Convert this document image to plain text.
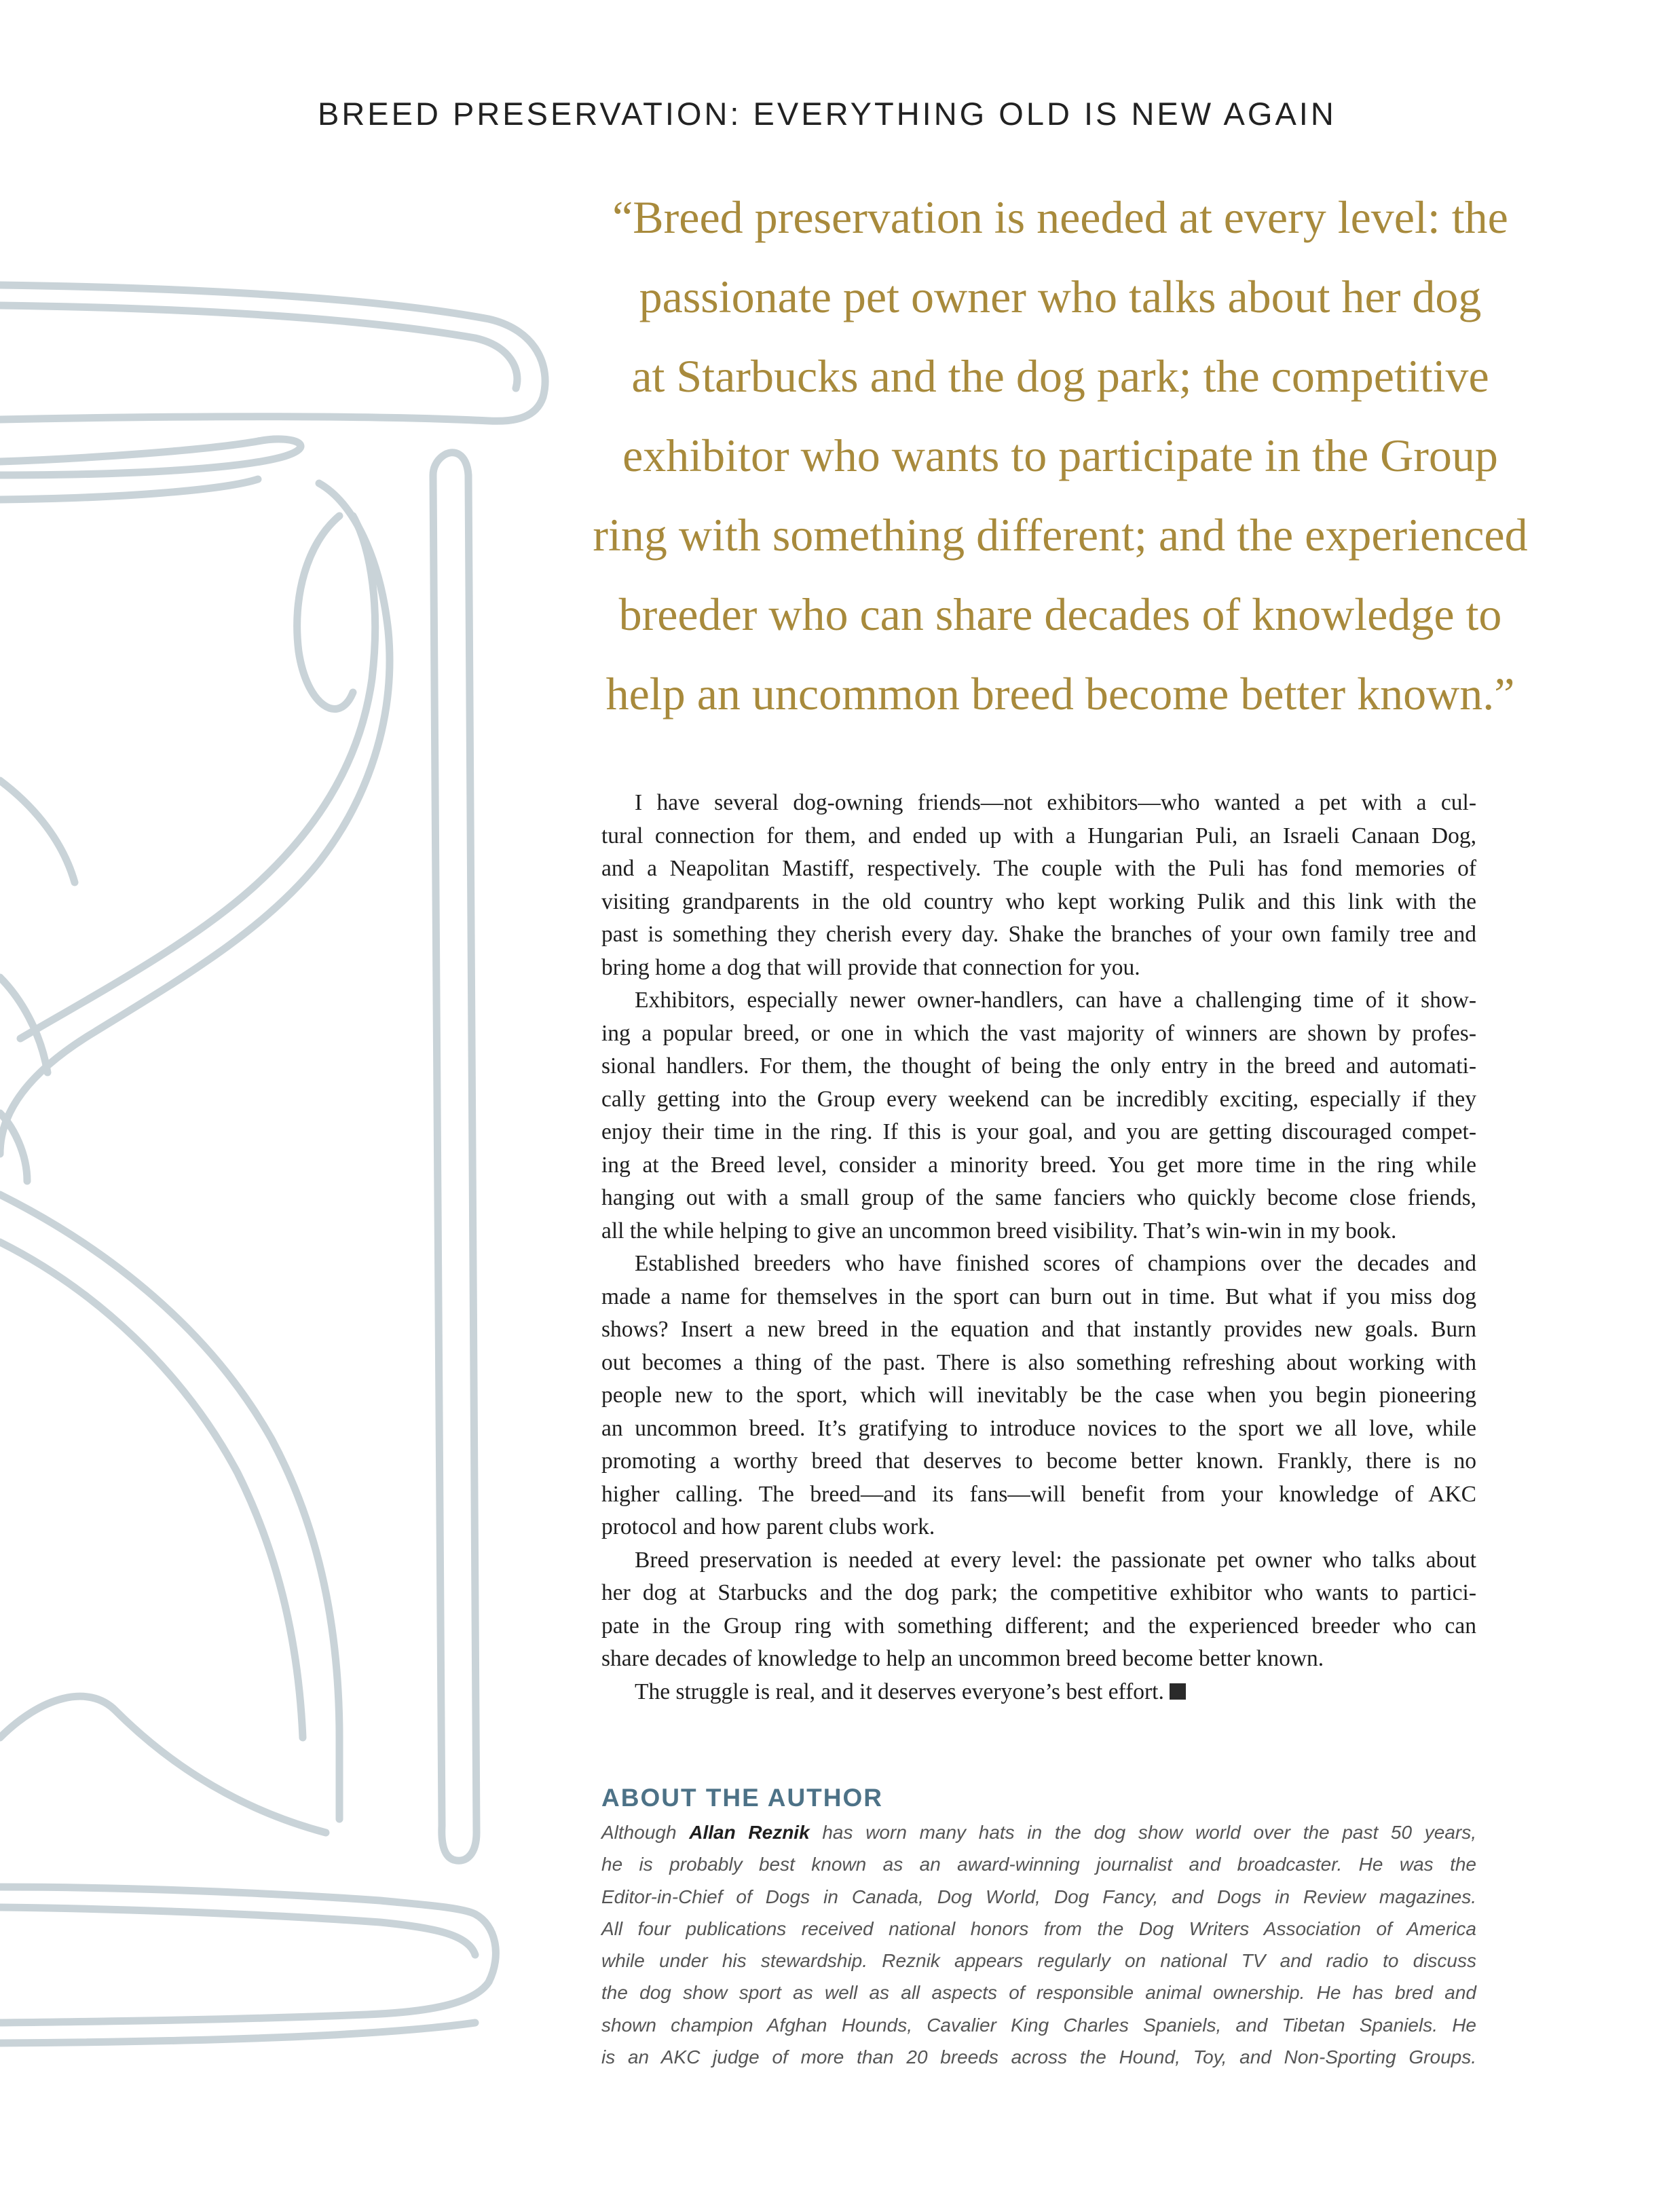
BREED PRESERVATION: EVERYTHING OLD IS NEW AGAIN
“Breed preservation is needed at every level: the
passionate pet owner who talks about her dog
at Starbucks and the dog park; the competitive
exhibitor who wants to participate in the Group
ring with something different; and the experienced
breeder who can share decades of knowledge to
help an uncommon breed become better known.”
I have several dog-owning friends—not exhibitors—who wanted a pet with a cul-
tural connection for them, and ended up with a Hungarian Puli, an Israeli Canaan Dog,
and a Neapolitan Mastiff, respectively. The couple with the Puli has fond memories of
visiting grandparents in the old country who kept working Pulik and this link with the
past is something they cherish every day. Shake the branches of your own family tree and
bring home a dog that will provide that connection for you.
Exhibitors, especially newer owner-handlers, can have a challenging time of it show-
ing a popular breed, or one in which the vast majority of winners are shown by profes-
sional handlers. For them, the thought of being the only entry in the breed and automati-
cally getting into the Group every weekend can be incredibly exciting, especially if they
enjoy their time in the ring. If this is your goal, and you are getting discouraged compet-
ing at the Breed level, consider a minority breed. You get more time in the ring while
hanging out with a small group of the same fanciers who quickly become close friends,
all the while helping to give an uncommon breed visibility. That’s win-win in my book.
Established breeders who have finished scores of champions over the decades and
made a name for themselves in the sport can burn out in time. But what if you miss dog
shows? Insert a new breed in the equation and that instantly provides new goals. Burn
out becomes a thing of the past. There is also something refreshing about working with
people new to the sport, which will inevitably be the case when you begin pioneering
an uncommon breed. It’s gratifying to introduce novices to the sport we all love, while
promoting a worthy breed that deserves to become better known. Frankly, there is no
higher calling. The breed—and its fans—will benefit from your knowledge of AKC
protocol and how parent clubs work.
Breed preservation is needed at every level: the passionate pet owner who talks about
her dog at Starbucks and the dog park; the competitive exhibitor who wants to partici-
pate in the Group ring with something different; and the experienced breeder who can
share decades of knowledge to help an uncommon breed become better known.
The struggle is real, and it deserves everyone’s best effort.
ABOUT THE AUTHOR
Although Allan Reznik has worn many hats in the dog show world over the past 50 years,
he is probably best known as an award-winning journalist and broadcaster. He was the
Editor-in-Chief of Dogs in Canada, Dog World, Dog Fancy, and Dogs in Review magazines.
All four publications received national honors from the Dog Writers Association of America
while under his stewardship. Reznik appears regularly on national TV and radio to discuss
the dog show sport as well as all aspects of responsible animal ownership. He has bred and
shown champion Afghan Hounds, Cavalier King Charles Spaniels, and Tibetan Spaniels. He
is an AKC judge of more than 20 breeds across the Hound, Toy, and Non-Sporting Groups.
